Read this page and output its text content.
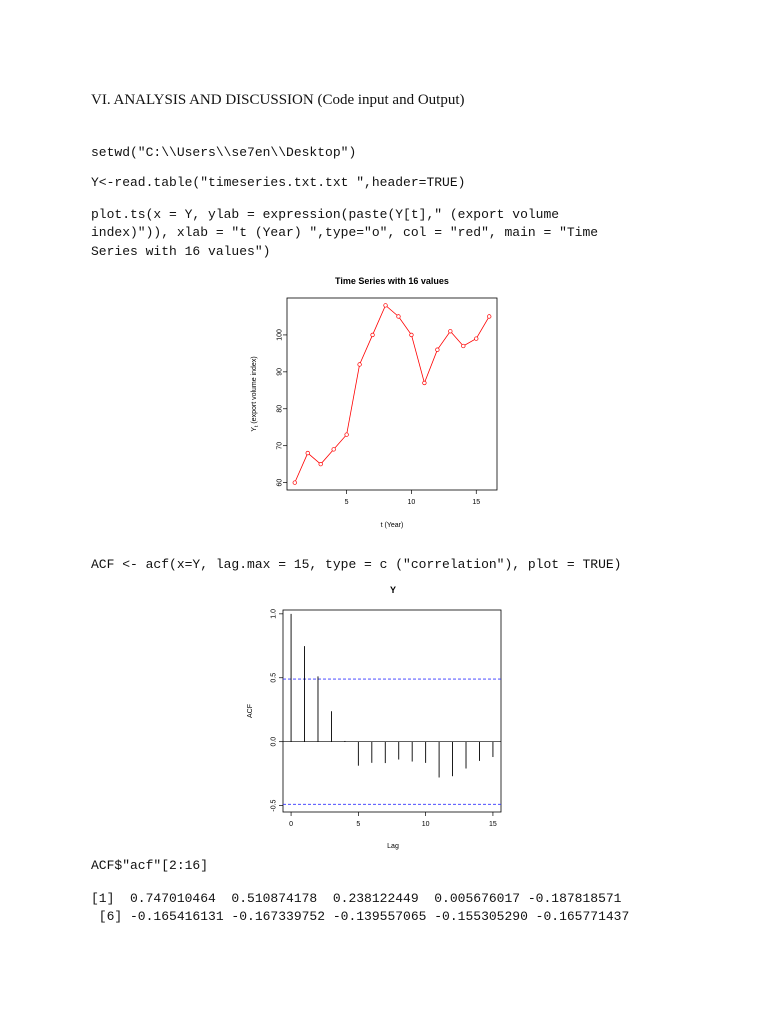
VI. ANALYSIS AND DISCUSSION (Code input and Output)
setwd("C:\\Users\\se7en\\Desktop")
Y<-read.table("timeseries.txt.txt ",header=TRUE)
plot.ts(x = Y, ylab = expression(paste(Y[t]," (export volume
index)")), xlab = "t (Year) ",type="o", col = "red", main = "Time
Series with 16 values")
Time Series with 16 values
5	10	15
60
70
80
90
100
t (Year)
$Y_t$ (export volume index)
ACF <- acf(x=Y, lag.max = 15, type = c ("correlation"), plot = TRUE)
Y
0	5	10	15
-0.5
0.0
0.5
1.0
Lag
ACF
ACF$"acf"[2:16]
[1]  0.747010464  0.510874178  0.238122449  0.005676017 -0.187818571
[6] -0.165416131 -0.167339752 -0.139557065 -0.155305290 -0.165771437
